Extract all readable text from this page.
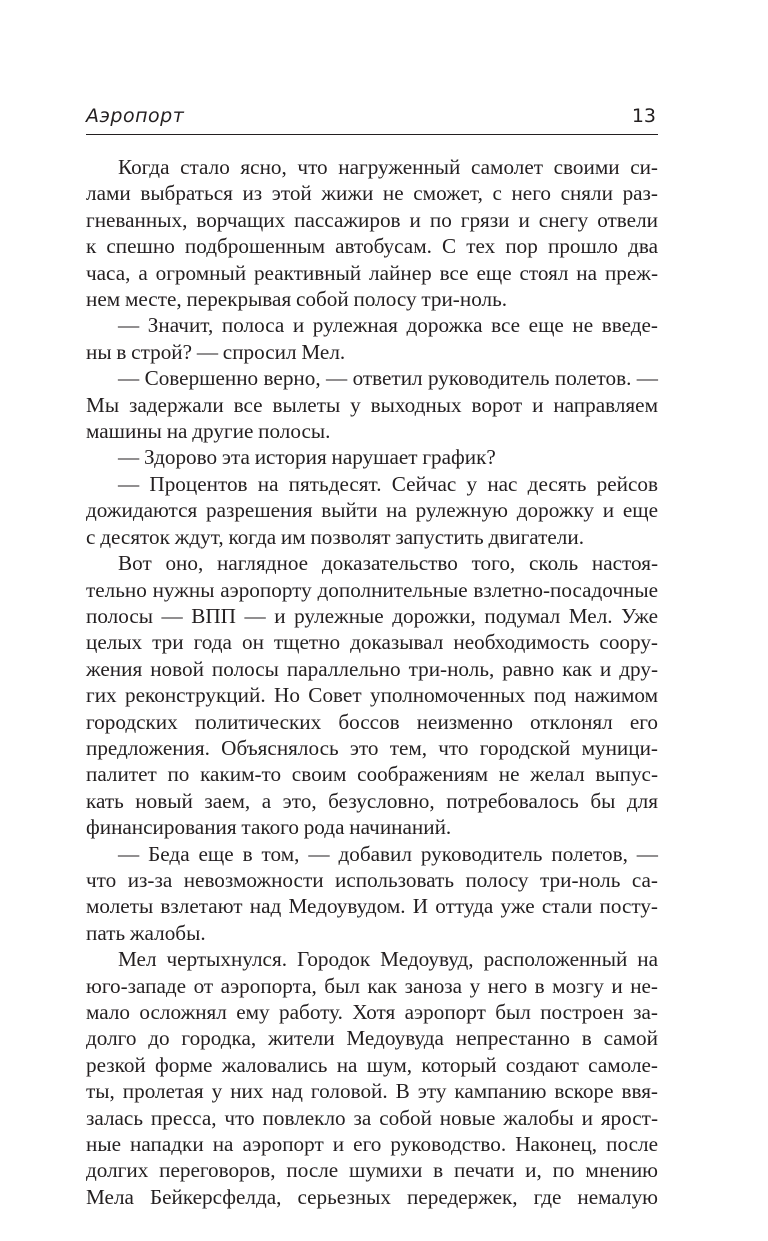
Аэропорт	13

Когда стало ясно, что нагруженный самолет своими си-
лами выбраться из этой жижи не сможет, с него сняли раз-
гневанных, ворчащих пассажиров и по грязи и снегу отвели
к спешно подброшенным автобусам. С тех пор прошло два
часа, а огромный реактивный лайнер все еще стоял на преж-
нем месте, перекрывая собой полосу три-ноль.

— Значит, полоса и рулежная дорожка все еще не введе-
ны в строй? — спросил Мел.

— Совершенно верно, — ответил руководитель полетов. —
Мы задержали все вылеты у выходных ворот и направляем
машины на другие полосы.

— Здорово эта история нарушает график?

— Процентов на пятьдесят. Сейчас у нас десять рейсов
дожидаются разрешения выйти на рулежную дорожку и еще
с десяток ждут, когда им позволят запустить двигатели.

Вот оно, наглядное доказательство того, сколь настоя-
тельно нужны аэропорту дополнительные взлетно-посадочные
полосы — ВПП — и рулежные дорожки, подумал Мел. Уже
целых три года он тщетно доказывал необходимость соору-
жения новой полосы параллельно три-ноль, равно как и дру-
гих реконструкций. Но Совет уполномоченных под нажимом
городских политических боссов неизменно отклонял его
предложения. Объяснялось это тем, что городской муници-
палитет по каким-то своим соображениям не желал выпус-
кать новый заем, а это, безусловно, потребовалось бы для
финансирования такого рода начинаний.

— Беда еще в том, — добавил руководитель полетов, —
что из-за невозможности использовать полосу три-ноль са-
молеты взлетают над Медоувудом. И оттуда уже стали посту-
пать жалобы.

Мел чертыхнулся. Городок Медоувуд, расположенный на
юго-западе от аэропорта, был как заноза у него в мозгу и не-
мало осложнял ему работу. Хотя аэропорт был построен за-
долго до городка, жители Медоувуда непрестанно в самой
резкой форме жаловались на шум, который создают самоле-
ты, пролетая у них над головой. В эту кампанию вскоре ввя-
залась пресса, что повлекло за собой новые жалобы и ярост-
ные нападки на аэропорт и его руководство. Наконец, после
долгих переговоров, после шумихи в печати и, по мнению
Мела Бейкерсфелда, серьезных передержек, где немалую
